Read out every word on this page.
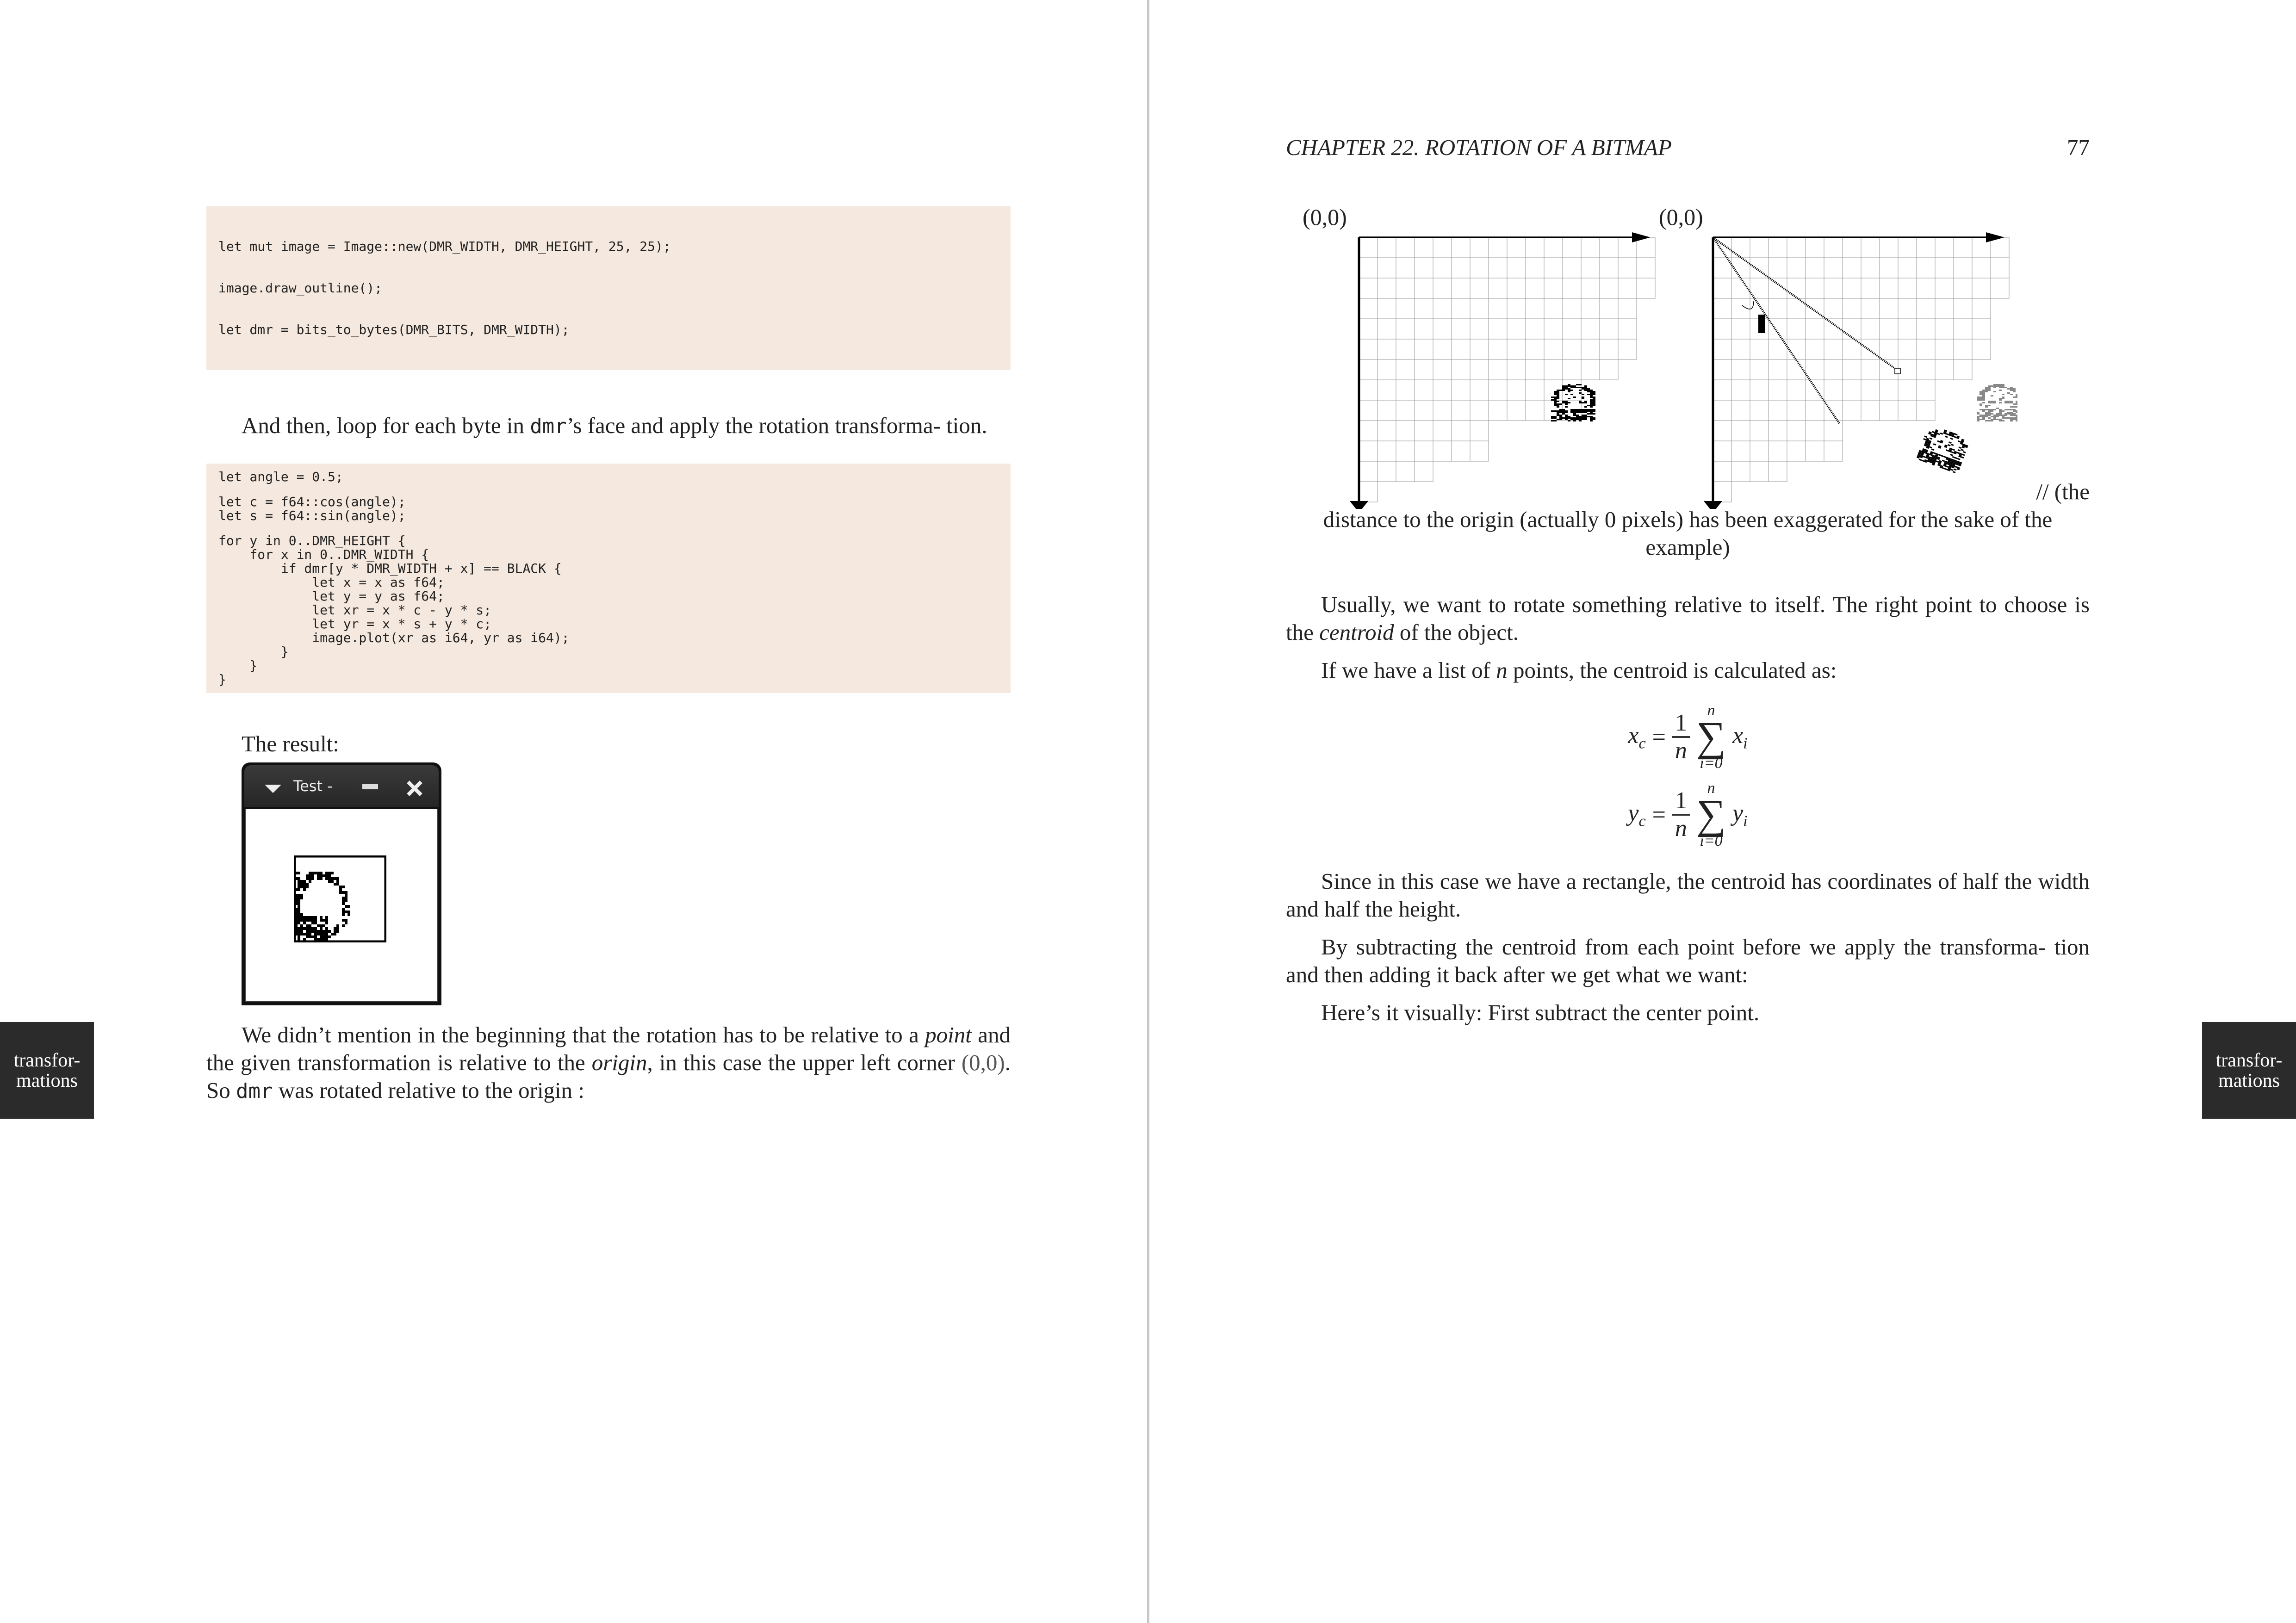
let mut image = Image::new(DMR_WIDTH, DMR_HEIGHT, 25, 25);

image.draw_outline();

let dmr = bits_to_bytes(DMR_BITS, DMR_WIDTH);

And then, loop for each byte in dmr’s face and apply the rotation transforma- tion.
let angle = 0.5;
let c = f64::cos(angle);
let s = f64::sin(angle);
for y in 0..DMR_HEIGHT {
for x in 0..DMR_WIDTH {
if dmr[y * DMR_WIDTH + x] == BLACK {
let x = x as f64;
let y = y as f64;
let xr = x * c - y * s;
let yr = x * s + y * c;
image.plot(xr as i64, yr as i64);
}
}
}
The result:
Test -
We didn’t mention in the beginning that the rotation has to be relative to a point and the given transformation is relative to the origin, in this case the upper left corner (0,0). So dmr was rotated relative to the origin :
transfor- mations
CHAPTER 22. ROTATION OF A BITMAP	77
(0,0)	(0,0)
// (the
distance to the origin (actually 0 pixels) has been exaggerated for the sake of the
example)
Usually, we want to rotate something relative to itself. The right point to choose is the centroid of the object.
If we have a list of n points, the centroid is calculated as:
$x_c = \frac{1}{n}$ n
∑
i=0
$x_i$
$y_c = \frac{1}{n}$ n
∑
i=0
$y_i$
Since in this case we have a rectangle, the centroid has coordinates of half the width and half the height.
By subtracting the centroid from each point before we apply the transforma- tion and then adding it back after we get what we want:
Here’s it visually: First subtract the center point.
transfor- mations
